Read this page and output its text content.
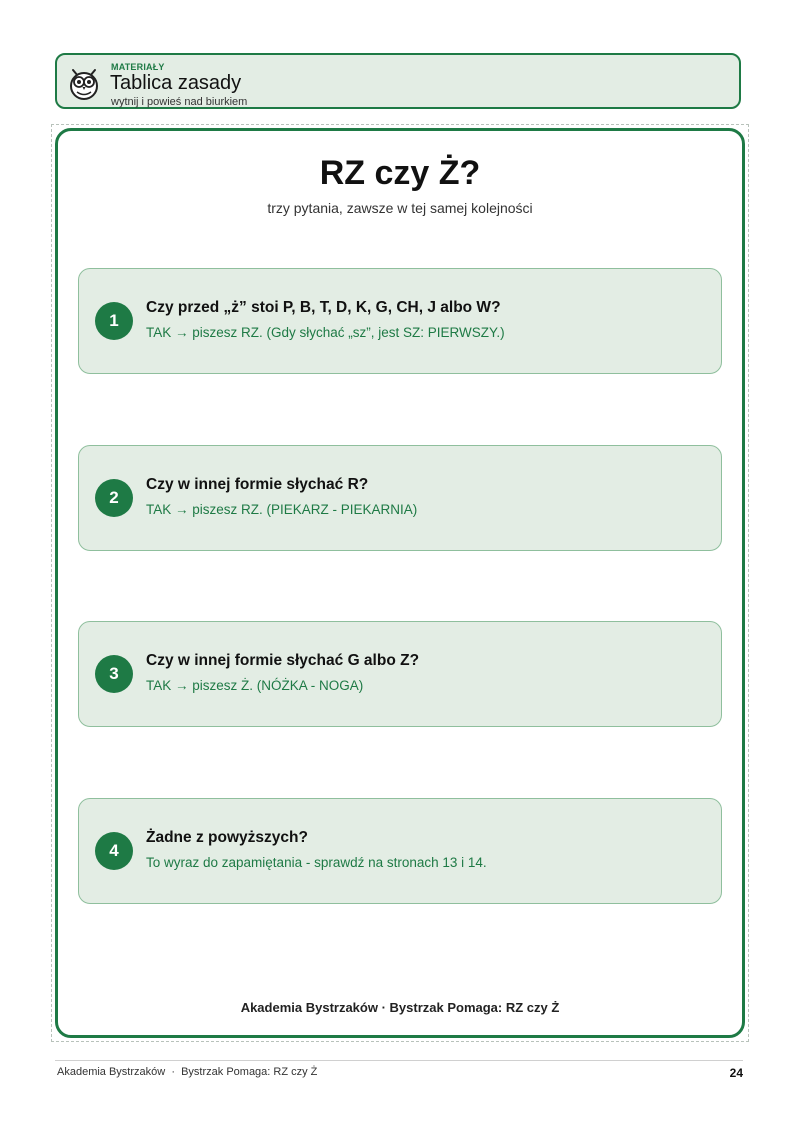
MATERIAŁY
Tablica zasady
wytnij i powieś nad biurkiem
RZ czy Ż?
trzy pytania, zawsze w tej samej kolejności
1
Czy przed „ż” stoi P, B, T, D, K, G, CH, J albo W?
TAK → piszesz RZ. (Gdy słychać „sz”, jest SZ: PIERWSZY.)
2
Czy w innej formie słychać R?
TAK → piszesz RZ. (PIEKARZ - PIEKARNIA)
3
Czy w innej formie słychać G albo Z?
TAK → piszesz Ż. (NÓŻKA - NOGA)
4
Żadne z powyższych?
To wyraz do zapamiętania - sprawdź na stronach 13 i 14.
Akademia Bystrzaków · Bystrzak Pomaga: RZ czy Ż
Akademia Bystrzaków  ·  Bystrzak Pomaga: RZ czy Ż	24
